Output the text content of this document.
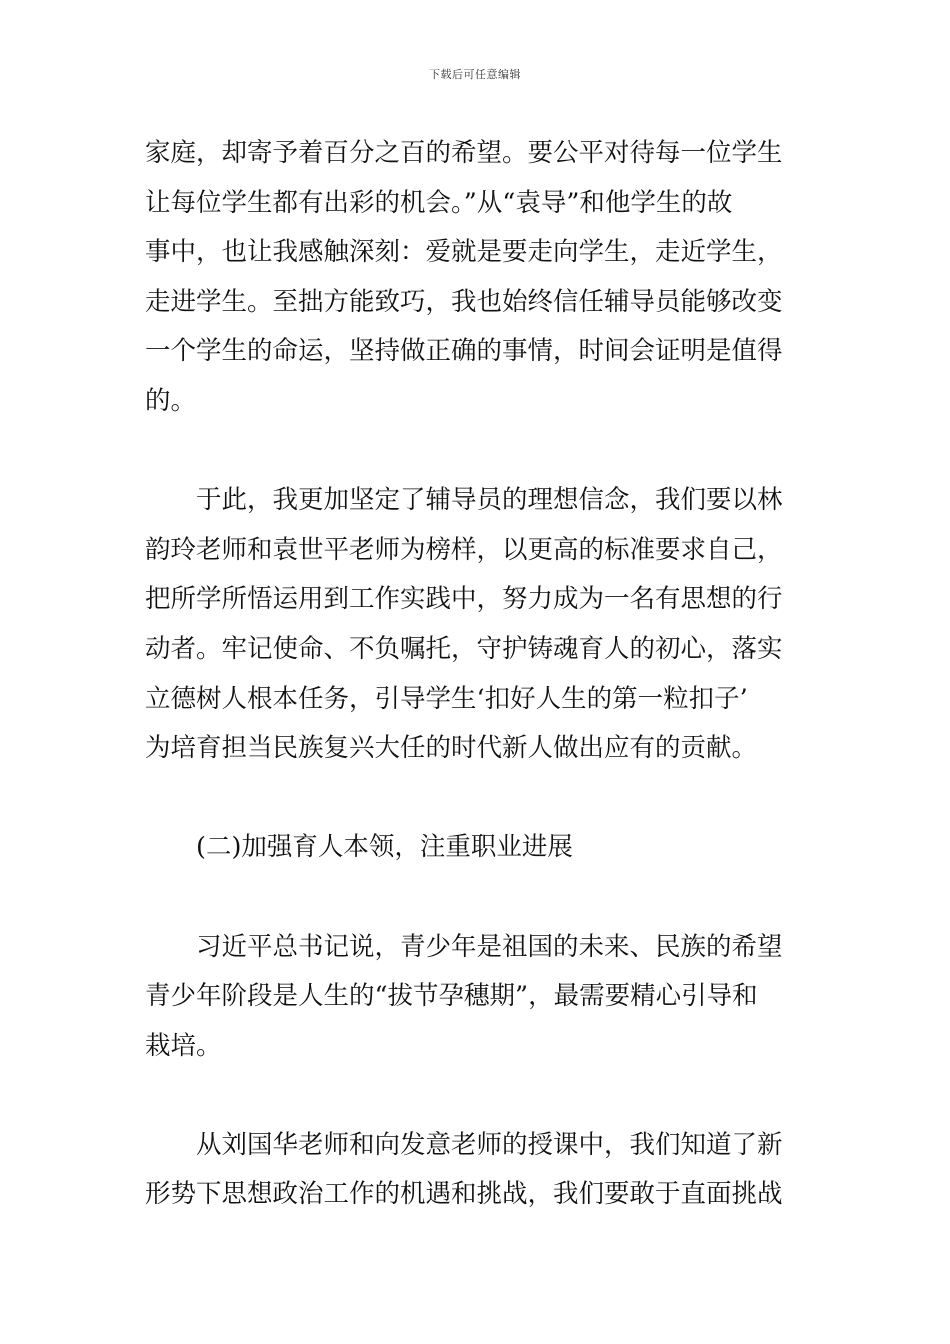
下载后可任意编辑
家庭，却寄予着百分之百的希望。要公平对待每一位学生
让每位学生都有出彩的机会。”从“袁导”和他学生的故
事中，也让我感触深刻：爱就是要走向学生，走近学生，
走进学生。至拙方能致巧，我也始终信任辅导员能够改变
一个学生的命运，坚持做正确的事情，时间会证明是值得
的。
　　于此，我更加坚定了辅导员的理想信念，我们要以林
韵玲老师和袁世平老师为榜样，以更高的标准要求自己，
把所学所悟运用到工作实践中，努力成为一名有思想的行
动者。牢记使命、不负嘱托，守护铸魂育人的初心，落实
立德树人根本任务，引导学生‘扣好人生的第一粒扣子’
为培育担当民族复兴大任的时代新人做出应有的贡献。
　　(二)加强育人本领，注重职业进展
　　习近平总书记说，青少年是祖国的未来、民族的希望
青少年阶段是人生的“拔节孕穗期”，最需要精心引导和
栽培。
　　从刘国华老师和向发意老师的授课中，我们知道了新
形势下思想政治工作的机遇和挑战，我们要敢于直面挑战
